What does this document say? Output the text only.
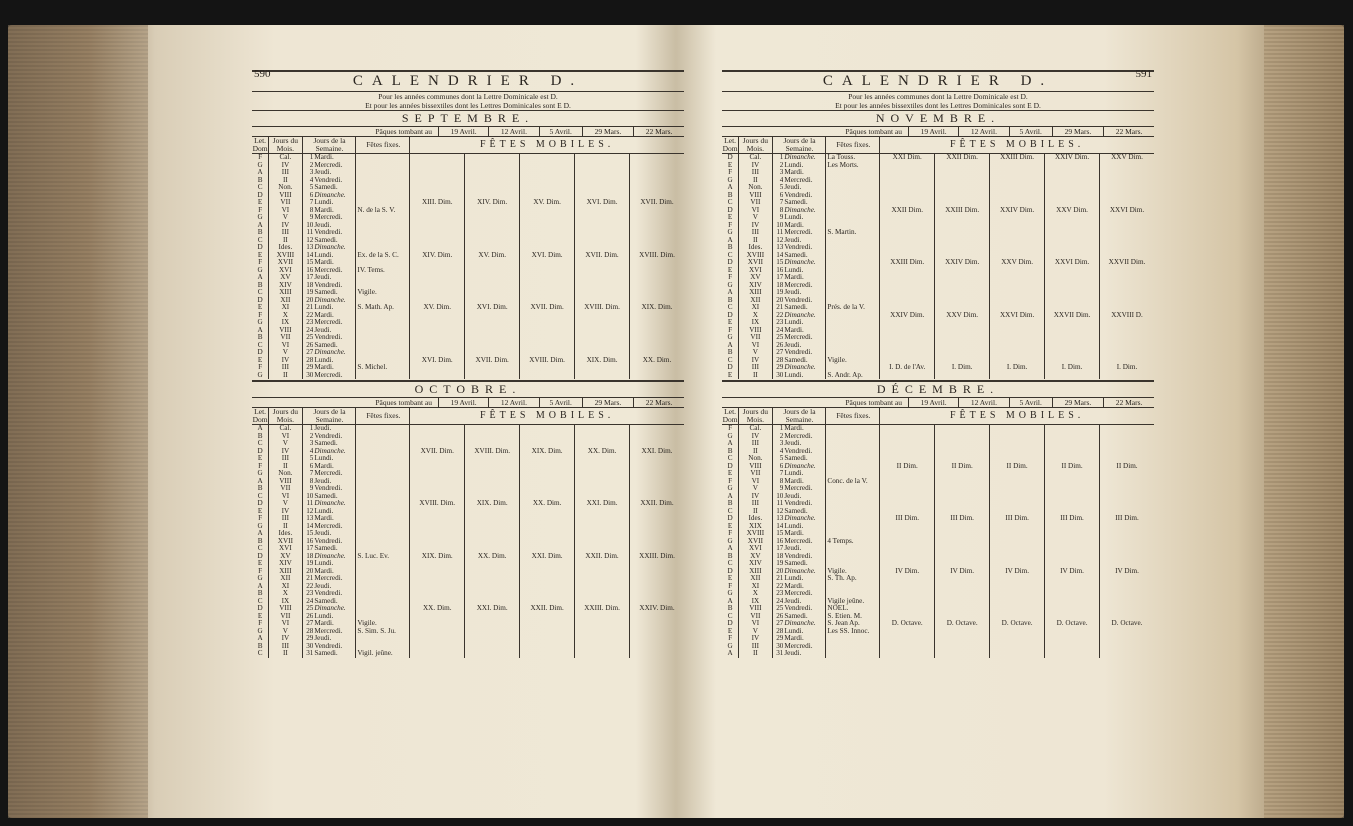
590	CALENDRIER D.
Pour les années communes dont la Lettre Dominicale est D.
Et pour les années bissextiles dont les Lettres Dominicales sont E D.
SEPTEMBRE.
Pâques tombant au	19 Avril.	12 Avril.	5 Avril.	29 Mars.	22 Mars.
Let. Dom	Jours du Mois.	Jours de la Semaine.		Fêtes fixes.	FÊTES MOBILES.				
F	Cal.	1	Mardi.						
G	IV	2	Mercredi.						
A	III	3	Jeudi.						
B	II	4	Vendredi.						
C	Non.	5	Samedi.						
D	VIII	6	Dimanche.						
E	VII	7	Lundi.		XIII. Dim.	XIV. Dim.	XV. Dim.	XVI. Dim.	XVII. Dim.
F	VI	8	Mardi.	N. de la S. V.					
G	V	9	Mercredi.						
A	IV	10	Jeudi.						
B	III	11	Vendredi.						
C	II	12	Samedi.						
D	Ides.	13	Dimanche.						
E	XVIII	14	Lundi.	Ex. de la S. C.	XIV. Dim.	XV. Dim.	XVI. Dim.	XVII. Dim.	XVIII. Dim.
F	XVII	15	Mardi.						
G	XVI	16	Mercredi.	IV. Tems.					
A	XV	17	Jeudi.						
B	XIV	18	Vendredi.						
C	XIII	19	Samedi.	Vigile.					
D	XII	20	Dimanche.						
E	XI	21	Lundi.	S. Math. Ap.	XV. Dim.	XVI. Dim.	XVII. Dim.	XVIII. Dim.	XIX. Dim.
F	X	22	Mardi.						
G	IX	23	Mercredi.						
A	VIII	24	Jeudi.						
B	VII	25	Vendredi.						
C	VI	26	Samedi.						
D	V	27	Dimanche.						
E	IV	28	Lundi.		XVI. Dim.	XVII. Dim.	XVIII. Dim.	XIX. Dim.	XX. Dim.
F	III	29	Mardi.	S. Michel.					
G	II	30	Mercredi.						
OCTOBRE.
Pâques tombant au	19 Avril.	12 Avril.	5 Avril.	29 Mars.	22 Mars.
Let. Dom	Jours du Mois.	Jours de la Semaine.		Fêtes fixes.	FÊTES MOBILES.				
A	Cal.	1	Jeudi.						
B	VI	2	Vendredi.						
C	V	3	Samedi.						
D	IV	4	Dimanche.		XVII. Dim.	XVIII. Dim.	XIX. Dim.	XX. Dim.	XXI. Dim.
E	III	5	Lundi.						
F	II	6	Mardi.						
G	Non.	7	Mercredi.						
A	VIII	8	Jeudi.						
B	VII	9	Vendredi.						
C	VI	10	Samedi.						
D	V	11	Dimanche.		XVIII. Dim.	XIX. Dim.	XX. Dim.	XXI. Dim.	XXII. Dim.
E	IV	12	Lundi.						
F	III	13	Mardi.						
G	II	14	Mercredi.						
A	Ides.	15	Jeudi.						
B	XVII	16	Vendredi.						
C	XVI	17	Samedi.						
D	XV	18	Dimanche.	S. Luc. Ev.	XIX. Dim.	XX. Dim.	XXI. Dim.	XXII. Dim.	XXIII. Dim.
E	XIV	19	Lundi.						
F	XIII	20	Mardi.						
G	XII	21	Mercredi.						
A	XI	22	Jeudi.						
B	X	23	Vendredi.						
C	IX	24	Samedi.						
D	VIII	25	Dimanche.		XX. Dim.	XXI. Dim.	XXII. Dim.	XXIII. Dim.	XXIV. Dim.
E	VII	26	Lundi.						
F	VI	27	Mardi.	Vigile.					
G	V	28	Mercredi.	S. Sim. S. Ju.					
A	IV	29	Jeudi.						
B	III	30	Vendredi.						
C	II	31	Samedi.	Vigil. jeûne.					
591
CALENDRIER D.
Pour les années communes dont la Lettre Dominicale est D.
Et pour les années bissextiles dont les Lettres Dominicales sont E D.
NOVEMBRE.
Pâques tombant au	19 Avril.	12 Avril.	5 Avril.	29 Mars.	22 Mars.
Let. Dom	Jours du Mois.	Jours de la Semaine.		Fêtes fixes.	FÊTES MOBILES.				
D	Cal.	1	Dimanche.	La Touss.	XXI Dim.	XXII Dim.	XXIII Dim.	XXIV Dim.	XXV Dim.
E	IV	2	Lundi.	Les Morts.					
F	III	3	Mardi.						
G	II	4	Mercredi.						
A	Non.	5	Jeudi.						
B	VIII	6	Vendredi.						
C	VII	7	Samedi.						
D	VI	8	Dimanche.		XXII Dim.	XXIII Dim.	XXIV Dim.	XXV Dim.	XXVI Dim.
E	V	9	Lundi.						
F	IV	10	Mardi.						
G	III	11	Mercredi.	S. Martin.					
A	II	12	Jeudi.						
B	Ides.	13	Vendredi.						
C	XVIII	14	Samedi.						
D	XVII	15	Dimanche.		XXIII Dim.	XXIV Dim.	XXV Dim.	XXVI Dim.	XXVII Dim.
E	XVI	16	Lundi.						
F	XV	17	Mardi.						
G	XIV	18	Mercredi.						
A	XIII	19	Jeudi.						
B	XII	20	Vendredi.						
C	XI	21	Samedi.	Prés. de la V.					
D	X	22	Dimanche.		XXIV Dim.	XXV Dim.	XXVI Dim.	XXVII Dim.	XXVIII D.
E	IX	23	Lundi.						
F	VIII	24	Mardi.						
G	VII	25	Mercredi.						
A	VI	26	Jeudi.						
B	V	27	Vendredi.						
C	IV	28	Samedi.	Vigile.					
D	III	29	Dimanche.		I. D. de l'Av.	I. Dim.	I. Dim.	I. Dim.	I. Dim.
E	II	30	Lundi.	S. Andr. Ap.					
DÉCEMBRE.
Pâques tombant au	19 Avril.	12 Avril.	5 Avril.	29 Mars.	22 Mars.
Let. Dom	Jours du Mois.	Jours de la Semaine.		Fêtes fixes.	FÊTES MOBILES.				
F	Cal.	1	Mardi.						
G	IV	2	Mercredi.						
A	III	3	Jeudi.						
B	II	4	Vendredi.						
C	Non.	5	Samedi.						
D	VIII	6	Dimanche.		II Dim.	II Dim.	II Dim.	II Dim.	II Dim.
E	VII	7	Lundi.						
F	VI	8	Mardi.	Conc. de la V.					
G	V	9	Mercredi.						
A	IV	10	Jeudi.						
B	III	11	Vendredi.						
C	II	12	Samedi.						
D	Ides.	13	Dimanche.		III Dim.	III Dim.	III Dim.	III Dim.	III Dim.
E	XIX	14	Lundi.						
F	XVIII	15	Mardi.						
G	XVII	16	Mercredi.	4 Temps.					
A	XVI	17	Jeudi.						
B	XV	18	Vendredi.						
C	XIV	19	Samedi.						
D	XIII	20	Dimanche.	Vigile.	IV Dim.	IV Dim.	IV Dim.	IV Dim.	IV Dim.
E	XII	21	Lundi.	S. Th. Ap.					
F	XI	22	Mardi.						
G	X	23	Mercredi.						
A	IX	24	Jeudi.	Vigile jeûne.					
B	VIII	25	Vendredi.	NOEL.					
C	VII	26	Samedi.	S. Etien. M.					
D	VI	27	Dimanche.	S. Jean Ap.	D. Octave.	D. Octave.	D. Octave.	D. Octave.	D. Octave.
E	V	28	Lundi.	Les SS. Innoc.					
F	IV	29	Mardi.						
G	III	30	Mercredi.						
A	II	31	Jeudi.						
